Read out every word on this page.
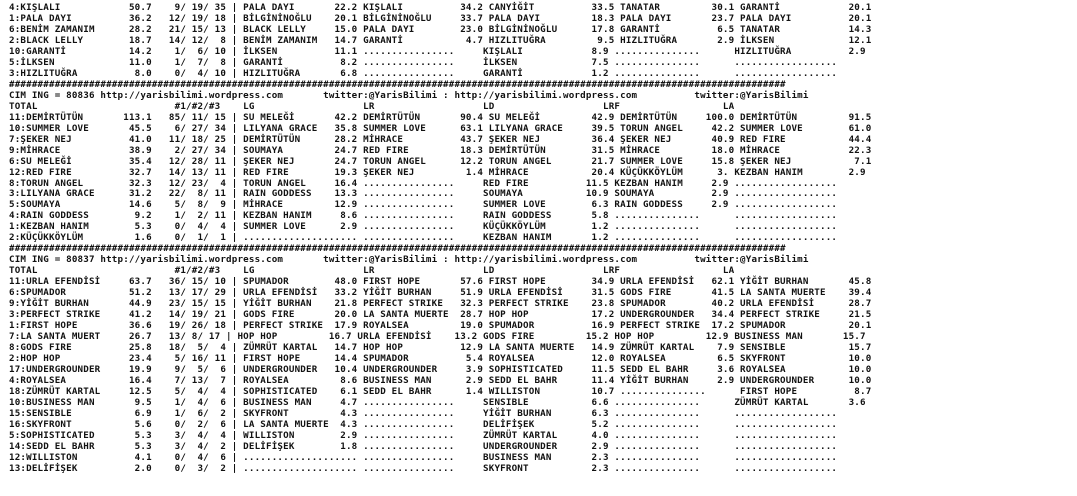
4:KIŞLALI            50.7    9/ 19/ 35 | PALA DAYI       22.2 KIŞLALI          34.2 CANYİĞİT          33.5 TANATAR         30.1 GARANTİ            20.1
1:PALA DAYI          36.2   12/ 19/ 18 | BİLGİNİNOĞLU    20.1 BİLGİNİNOĞLU     33.7 PALA DAYI         18.3 PALA DAYI       23.7 PALA DAYI          20.1
6:BENİM ZAMANIM      28.2   21/ 15/ 13 | BLACK LELLY     15.0 PALA DAYI        23.0 BİLGİNİNOĞLU      17.8 GARANTİ          6.5 TANATAR            14.3
2:BLACK LELLY        18.7   14/ 12/  8 | BENİM ZAMANIM   14.7 GARANTİ           4.7 HIZLITUĞRA         9.5 HIZLITUĞRA       2.9 İLKSEN             12.1
10:GARANTİ           14.2    1/  6/ 10 | İLKSEN          11.1 ................     KIŞLALI            8.9 ...............      HIZLITUĞRA          2.9
5:İLKSEN             11.0    1/  7/  8 | GARANTİ          8.2 ................     İLKSEN             7.5 ...............      ..................
3:HIZLITUĞRA          8.0    0/  4/ 10 | HIZLITUĞRA       6.8 ................     GARANTİ            1.2 ...............      ..................
########################################################################################################################################
CIM ING = 80836 http://yarisbilimi.wordpress.com       twitter:@YarisBilimi : http://yarisbilimi.wordpress.com          twitter:@YarisBilimi
TOTAL                        #1/#2/#3    LG                   LR                   LD                   LRF                  LA
11:DEMİRTÜTÜN       113.1   85/ 11/ 15 | SU MELEĞİ       42.2 DEMİRTÜTÜN       90.4 SU MELEĞİ         42.9 DEMİRTÜTÜN     100.0 DEMİRTÜTÜN         91.5
10:SUMMER LOVE       45.5    6/ 27/ 34 | LILYANA GRACE   35.8 SUMMER LOVE      63.1 LILYANA GRACE     39.5 TORUN ANGEL     42.2 SUMMER LOVE        61.0
7:ŞEKER NEJ          41.0   11/ 18/ 25 | DEMİRTÜTÜN      28.2 MİHRACE          43.7 ŞEKER NEJ         36.4 ŞEKER NEJ       40.9 RED FIRE           44.4
9:MİHRACE            38.9    2/ 27/ 34 | SOUMAYA         24.7 RED FIRE         18.3 DEMİRTÜTÜN        31.5 MİHRACE         18.0 MİHRACE            22.3
6:SU MELEĞİ          35.4   12/ 28/ 11 | ŞEKER NEJ       24.7 TORUN ANGEL      12.2 TORUN ANGEL       21.7 SUMMER LOVE     15.8 ŞEKER NEJ           7.1
12:RED FIRE          32.7   14/ 13/ 11 | RED FIRE        19.3 ŞEKER NEJ         1.4 MİHRACE           20.4 KÜÇÜKKÖYLÜM      3. KEZBAN HANIM        2.9
8:TORUN ANGEL        32.3   12/ 23/  4 | TORUN ANGEL     16.4 ................     RED FIRE          11.5 KEZBAN HANIM     2.9 ..................
3:LILYANA GRACE      31.2   22/  8/ 11 | RAIN GODDESS    13.3 ................     SOUMAYA           10.9 SOUMAYA          2.9 ..................
5:SOUMAYA            14.6    5/  8/  9 | MİHRACE         12.9 ................     SUMMER LOVE        6.3 RAIN GODDESS     2.9 ..................
4:RAIN GODDESS        9.2    1/  2/ 11 | KEZBAN HANIM     8.6 ................     RAIN GODDESS       5.8 ...............      ..................
1:KEZBAN HANIM        5.3    0/  4/  4 | SUMMER LOVE      2.9 ................     KÜÇÜKKÖYLÜM        1.2 ...............      ..................
2:KÜÇÜKKÖYLÜM         1.6    0/  1/  1 | .................... ................     KEZBAN HANIM       1.2 ...............      ..................
########################################################################################################################################
CIM ING = 80837 http://yarisbilimi.wordpress.com       twitter:@YarisBilimi : http://yarisbilimi.wordpress.com          twitter:@YarisBilimi
TOTAL                        #1/#2/#3    LG                   LR                   LD                   LRF                  LA
11:URLA EFENDİSİ     63.7   36/ 15/ 10 | SPUMADOR        48.0 FIRST HOPE       57.6 FIRST HOPE        34.9 URLA EFENDİSİ   62.1 YİĞİT BURHAN       45.8
6:SPUMADOR           51.2   13/ 17/ 29 | URLA EFENDİSİ   33.2 YİĞİT BURHAN     51.9 URLA EFENDİSİ     31.5 GODS FIRE       41.5 LA SANTA MUERTE    39.4
9:YİĞİT BURHAN       44.9   23/ 15/ 15 | YİĞİT BURHAN    21.8 PERFECT STRIKE   32.3 PERFECT STRIKE    23.8 SPUMADOR        40.2 URLA EFENDİSİ      28.7
3:PERFECT STRIKE     41.2   14/ 19/ 21 | GODS FIRE       20.0 LA SANTA MUERTE  28.7 HOP HOP           17.2 UNDERGROUNDER   34.4 PERFECT STRIKE     21.5
1:FIRST HOPE         36.6   19/ 26/ 18 | PERFECT STRIKE  17.9 ROYALSEA         19.0 SPUMADOR          16.9 PERFECT STRIKE  17.2 SPUMADOR           20.1
7:LA SANTA MUERT     26.7   13/ 8/ 17 | HOP HOP         16.7 URLA EFENDİSİ    13.2 GODS FIRE         15.2 HOP HOP         12.9 BUSINESS MAN       15.7
8:GODS FIRE          25.8   18/  5/  4 | ZÜMRÜT KARTAL   14.7 HOP HOP          12.9 LA SANTA MUERTE   14.9 ZÜMRÜT KARTAL    7.9 SENSIBLE           15.7
2:HOP HOP            23.4    5/ 16/ 11 | FIRST HOPE      14.4 SPUMADOR          5.4 ROYALSEA          12.0 ROYALSEA         6.5 SKYFRONT           10.0
17:UNDERGROUNDER     19.9    9/  5/  6 | UNDERGROUNDER   10.4 UNDERGROUNDER     3.9 SOPHISTICATED     11.5 SEDD EL BAHR     3.6 ROYALSEA           10.0
4:ROYALSEA           16.4    7/ 13/  7 | ROYALSEA         8.6 BUSINESS MAN      2.9 SEDD EL BAHR      11.4 YİĞİT BURHAN     2.9 UNDERGROUNDER      10.0
18:ZÜMRÜT KARTAL     12.5    5/  4/  4 | SOPHISTICATED    6.1 SEDD EL BAHR      1.4 WILLISTON         10.7 ...............      FIRST HOPE          8.7
10:BUSINESS MAN       9.5    1/  4/  6 | BUSINESS MAN     4.7 ................     SENSIBLE           6.6 ...............      ZÜMRÜT KARTAL       3.6
15:SENSIBLE           6.9    1/  6/  2 | SKYFRONT         4.3 ................     YİĞİT BURHAN       6.3 ...............      ..................
16:SKYFRONT           5.6    0/  2/  6 | LA SANTA MUERTE  4.3 ................     DELİFİŞEK          5.2 ...............      ..................
5:SOPHISTICATED       5.3    3/  4/  4 | WILLISTON        2.9 ................     ZÜMRÜT KARTAL      4.0 ...............      ..................
14:SEDD EL BAHR       5.3    3/  4/  2 | DELİFİŞEK        1.8 ................     UNDERGROUNDER      2.9 ...............      ..................
12:WILLISTON          4.1    0/  4/  6 | .................... ................     BUSINESS MAN       2.3 ...............      ..................
13:DELİFİŞEK          2.0    0/  3/  2 | .................... ................     SKYFRONT           2.3 ...............      ..................
